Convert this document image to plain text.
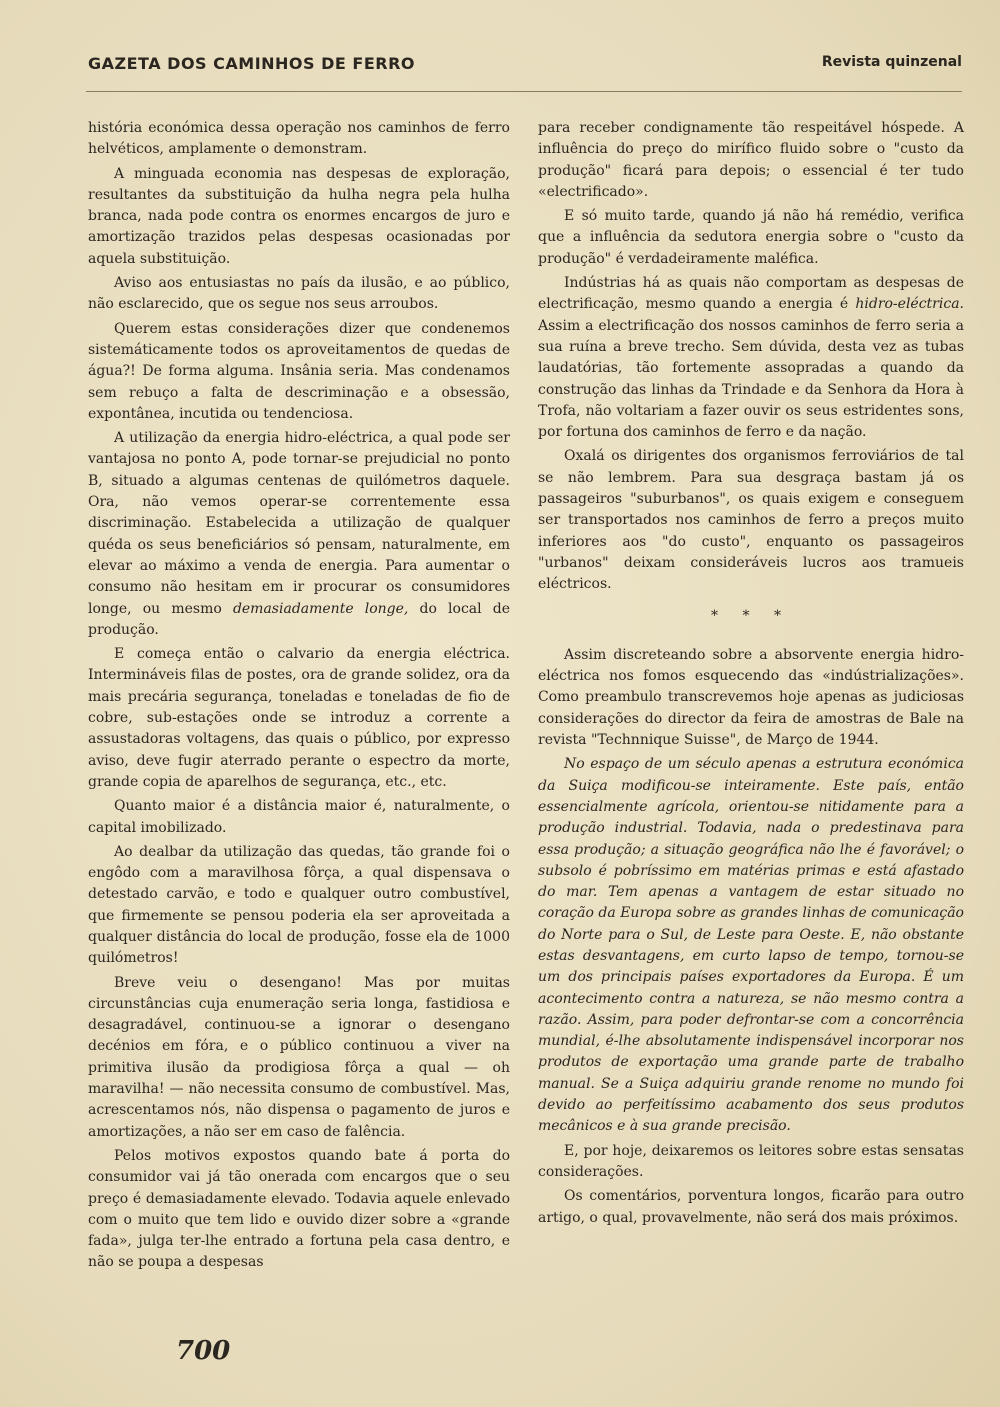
GAZETA DOS CAMINHOS DE FERRO	Revista quinzenal

história económica dessa operação nos caminhos de ferro helvéticos, amplamente o demonstram.

A minguada economia nas despesas de exploração, resultantes da substituição da hulha negra pela hulha branca, nada pode contra os enormes encargos de juro e amortização trazidos pelas despesas ocasionadas por aquela substituição.

Aviso aos entusiastas no país da ilusão, e ao público, não esclarecido, que os segue nos seus arroubos.

Querem estas considerações dizer que condenemos sistemáticamente todos os aproveitamentos de quedas de água?! De forma alguma. Insânia seria. Mas condenamos sem rebuço a falta de descriminação e a obsessão, expontânea, incutida ou tendenciosa.

A utilização da energia hidro-eléctrica, a qual pode ser vantajosa no ponto A, pode tornar-se prejudicial no ponto B, situado a algumas centenas de quilómetros daquele. Ora, não vemos operar-se correntemente essa discriminação. Estabelecida a utilização de qualquer quéda os seus beneficiários só pensam, naturalmente, em elevar ao máximo a venda de energia. Para aumentar o consumo não hesitam em ir procurar os consumidores longe, ou mesmo demasiadamente longe, do local de produção.

E começa então o calvario da energia eléctrica. Intermináveis filas de postes, ora de grande solidez, ora da mais precária segurança, toneladas e toneladas de fio de cobre, sub-estações onde se introduz a corrente a assustadoras voltagens, das quais o público, por expresso aviso, deve fugir aterrado perante o espectro da morte, grande copia de aparelhos de segurança, etc., etc.

Quanto maior é a distância maior é, naturalmente, o capital imobilizado.

Ao dealbar da utilização das quedas, tão grande foi o engôdo com a maravilhosa fôrça, a qual dispensava o detestado carvão, e todo e qualquer outro combustível, que firmemente se pensou poderia ela ser aproveitada a qualquer distância do local de produção, fosse ela de 1000 quilómetros!

Breve veiu o desengano! Mas por muitas circunstâncias cuja enumeração seria longa, fastidiosa e desagradável, continuou-se a ignorar o desengano decénios em fóra, e o público continuou a viver na primitiva ilusão da prodigiosa fôrça a qual — oh maravilha! — não necessita consumo de combustível. Mas, acrescentamos nós, não dispensa o pagamento de juros e amortizações, a não ser em caso de falência.

Pelos motivos expostos quando bate á porta do consumidor vai já tão onerada com encargos que o seu preço é demasiadamente elevado. Todavia aquele enlevado com o muito que tem lido e ouvido dizer sobre a «grande fada», julga ter-lhe entrado a fortuna pela casa dentro, e não se poupa a despesas

para receber condignamente tão respeitável hóspede. A influência do preço do mirífico fluido sobre o "custo da produção" ficará para depois; o essencial é ter tudo «electrificado».

E só muito tarde, quando já não há remédio, verifica que a influência da sedutora energia sobre o "custo da produção" é verdadeiramente maléfica.

Indústrias há as quais não comportam as despesas de electrificação, mesmo quando a energia é hidro-eléctrica. Assim a electrificação dos nossos caminhos de ferro seria a sua ruína a breve trecho. Sem dúvida, desta vez as tubas laudatórias, tão fortemente assopradas a quando da construção das linhas da Trindade e da Senhora da Hora à Trofa, não voltariam a fazer ouvir os seus estridentes sons, por fortuna dos caminhos de ferro e da nação.

Oxalá os dirigentes dos organismos ferroviários de tal se não lembrem. Para sua desgraça bastam já os passageiros "suburbanos", os quais exigem e conseguem ser transportados nos caminhos de ferro a preços muito inferiores aos "do custo", enquanto os passageiros "urbanos" deixam consideráveis lucros aos tramueis eléctricos.

* * *

Assim discreteando sobre a absorvente energia hidro-eléctrica nos fomos esquecendo das «indústrializações». Como preambulo transcrevemos hoje apenas as judiciosas considerações do director da feira de amostras de Bale na revista "Technnique Suisse", de Março de 1944.

No espaço de um século apenas a estrutura económica da Suiça modificou-se inteiramente. Este país, então essencialmente agrícola, orientou-se nitidamente para a produção industrial. Todavia, nada o predestinava para essa produção; a situação geográfica não lhe é favorável; o subsolo é pobríssimo em matérias primas e está afastado do mar. Tem apenas a vantagem de estar situado no coração da Europa sobre as grandes linhas de comunicação do Norte para o Sul, de Leste para Oeste. E, não obstante estas desvantagens, em curto lapso de tempo, tornou-se um dos principais países exportadores da Europa. É um acontecimento contra a natureza, se não mesmo contra a razão. Assim, para poder defrontar-se com a concorrência mundial, é-lhe absolutamente indispensável incorporar nos produtos de exportação uma grande parte de trabalho manual. Se a Suiça adquiriu grande renome no mundo foi devido ao perfeitíssimo acabamento dos seus produtos mecânicos e à sua grande precisão.

E, por hoje, deixaremos os leitores sobre estas sensatas considerações.

Os comentários, porventura longos, ficarão para outro artigo, o qual, provavelmente, não será dos mais próximos.

700
